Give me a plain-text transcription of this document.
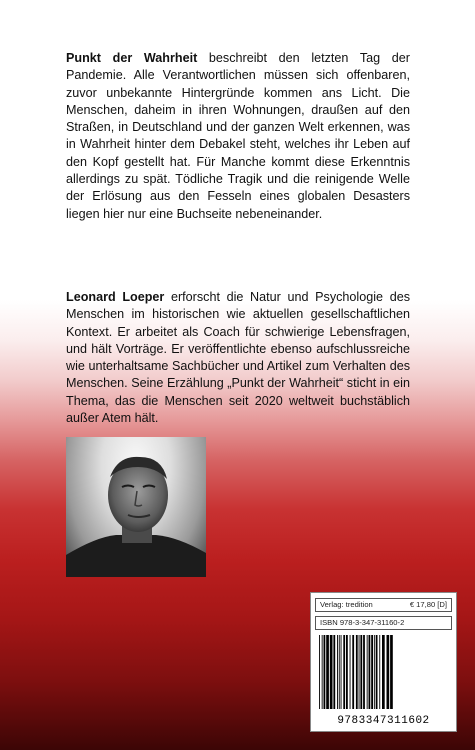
Punkt der Wahrheit beschreibt den letzten Tag der Pandemie. Alle Verantwortlichen müssen sich offenbaren, zuvor unbekannte Hintergründe kommen ans Licht. Die Menschen, daheim in ihren Wohnungen, draußen auf den Straßen, in Deutschland und der ganzen Welt erkennen, was in Wahrheit hinter dem Debakel steht, welches ihr Leben auf den Kopf gestellt hat. Für Manche kommt diese Erkenntnis allerdings zu spät. Tödliche Tragik und die reinigende Welle der Erlösung aus den Fesseln eines globalen Desasters liegen hier nur eine Buchseite nebeneinander.

Leonard Loeper erforscht die Natur und Psychologie des Menschen im historischen wie aktuellen gesellschaftlichen Kontext. Er arbeitet als Coach für schwierige Lebensfragen, und hält Vorträge. Er veröffentlichte ebenso aufschlussreiche wie unterhaltsame Sachbücher und Artikel zum Verhalten des Menschen. Seine Erzählung „Punkt der Wahrheit“ sticht in ein Thema, das die Menschen seit 2020 weltweit buchstäblich außer Atem hält.

Verlag: tredition	€ 17,80 [D]
ISBN 978-3-347-31160-2
9783347311602
